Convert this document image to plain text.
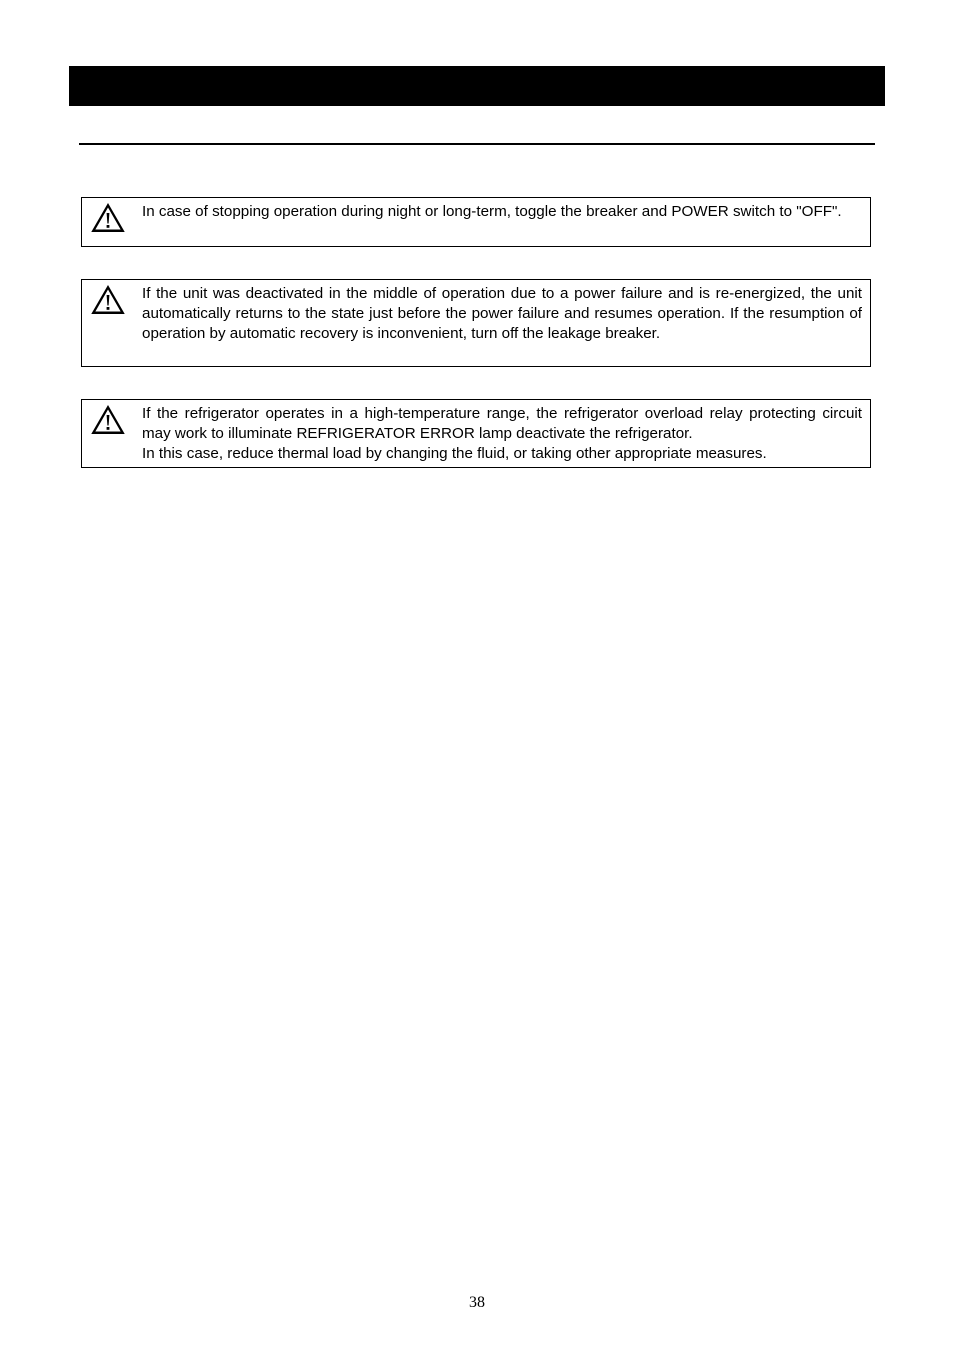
In case of stopping operation during night or long-term, toggle the breaker and POWER switch to "OFF".

If the unit was deactivated in the middle of operation due to a power failure and is re-energized, the unit automatically returns to the state just before the power failure and resumes operation. If the resumption of operation by automatic recovery is inconvenient, turn off the leakage breaker.

If the refrigerator operates in a high-temperature range, the refrigerator overload relay protecting circuit may work to illuminate REFRIGERATOR ERROR lamp deactivate the refrigerator.

In this case, reduce thermal load by changing the fluid, or taking other appropriate measures.

38
